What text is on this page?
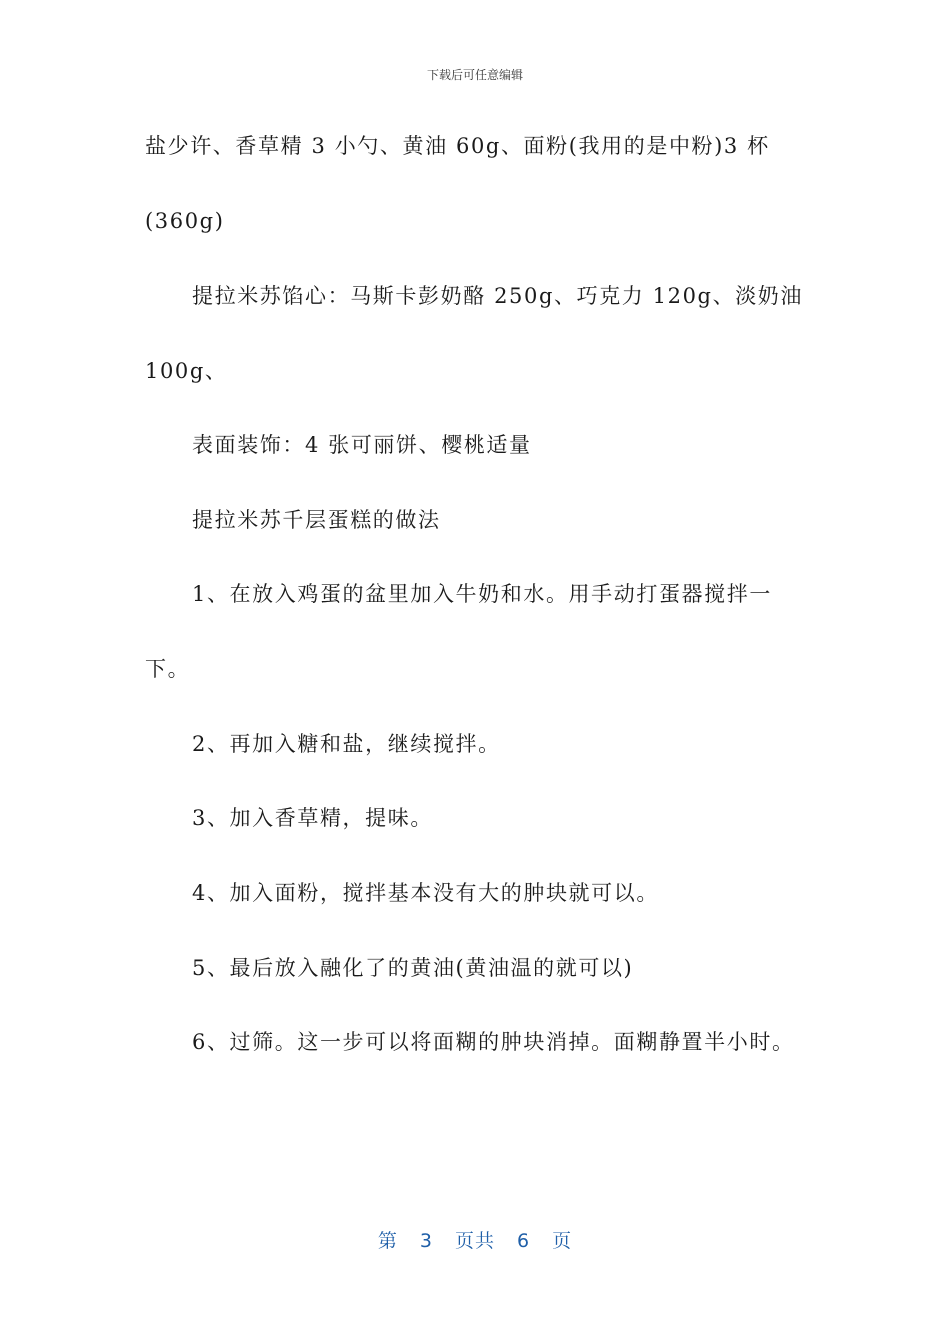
下载后可任意编辑
盐少许、香草精 3 小勺、黄油 60g、面粉(我用的是中粉)3 杯
(360g)
提拉米苏馅心：马斯卡彭奶酪 250g、巧克力 120g、淡奶油
100g、
表面装饰：4 张可丽饼、樱桃适量
提拉米苏千层蛋糕的做法
1、在放入鸡蛋的盆里加入牛奶和水。用手动打蛋器搅拌一
下。
2、再加入糖和盐，继续搅拌。
3、加入香草精，提味。
4、加入面粉，搅拌基本没有大的肿块就可以。
5、最后放入融化了的黄油(黄油温的就可以)
6、过筛。这一步可以将面糊的肿块消掉。面糊静置半小时。
第 3 页共 6 页
